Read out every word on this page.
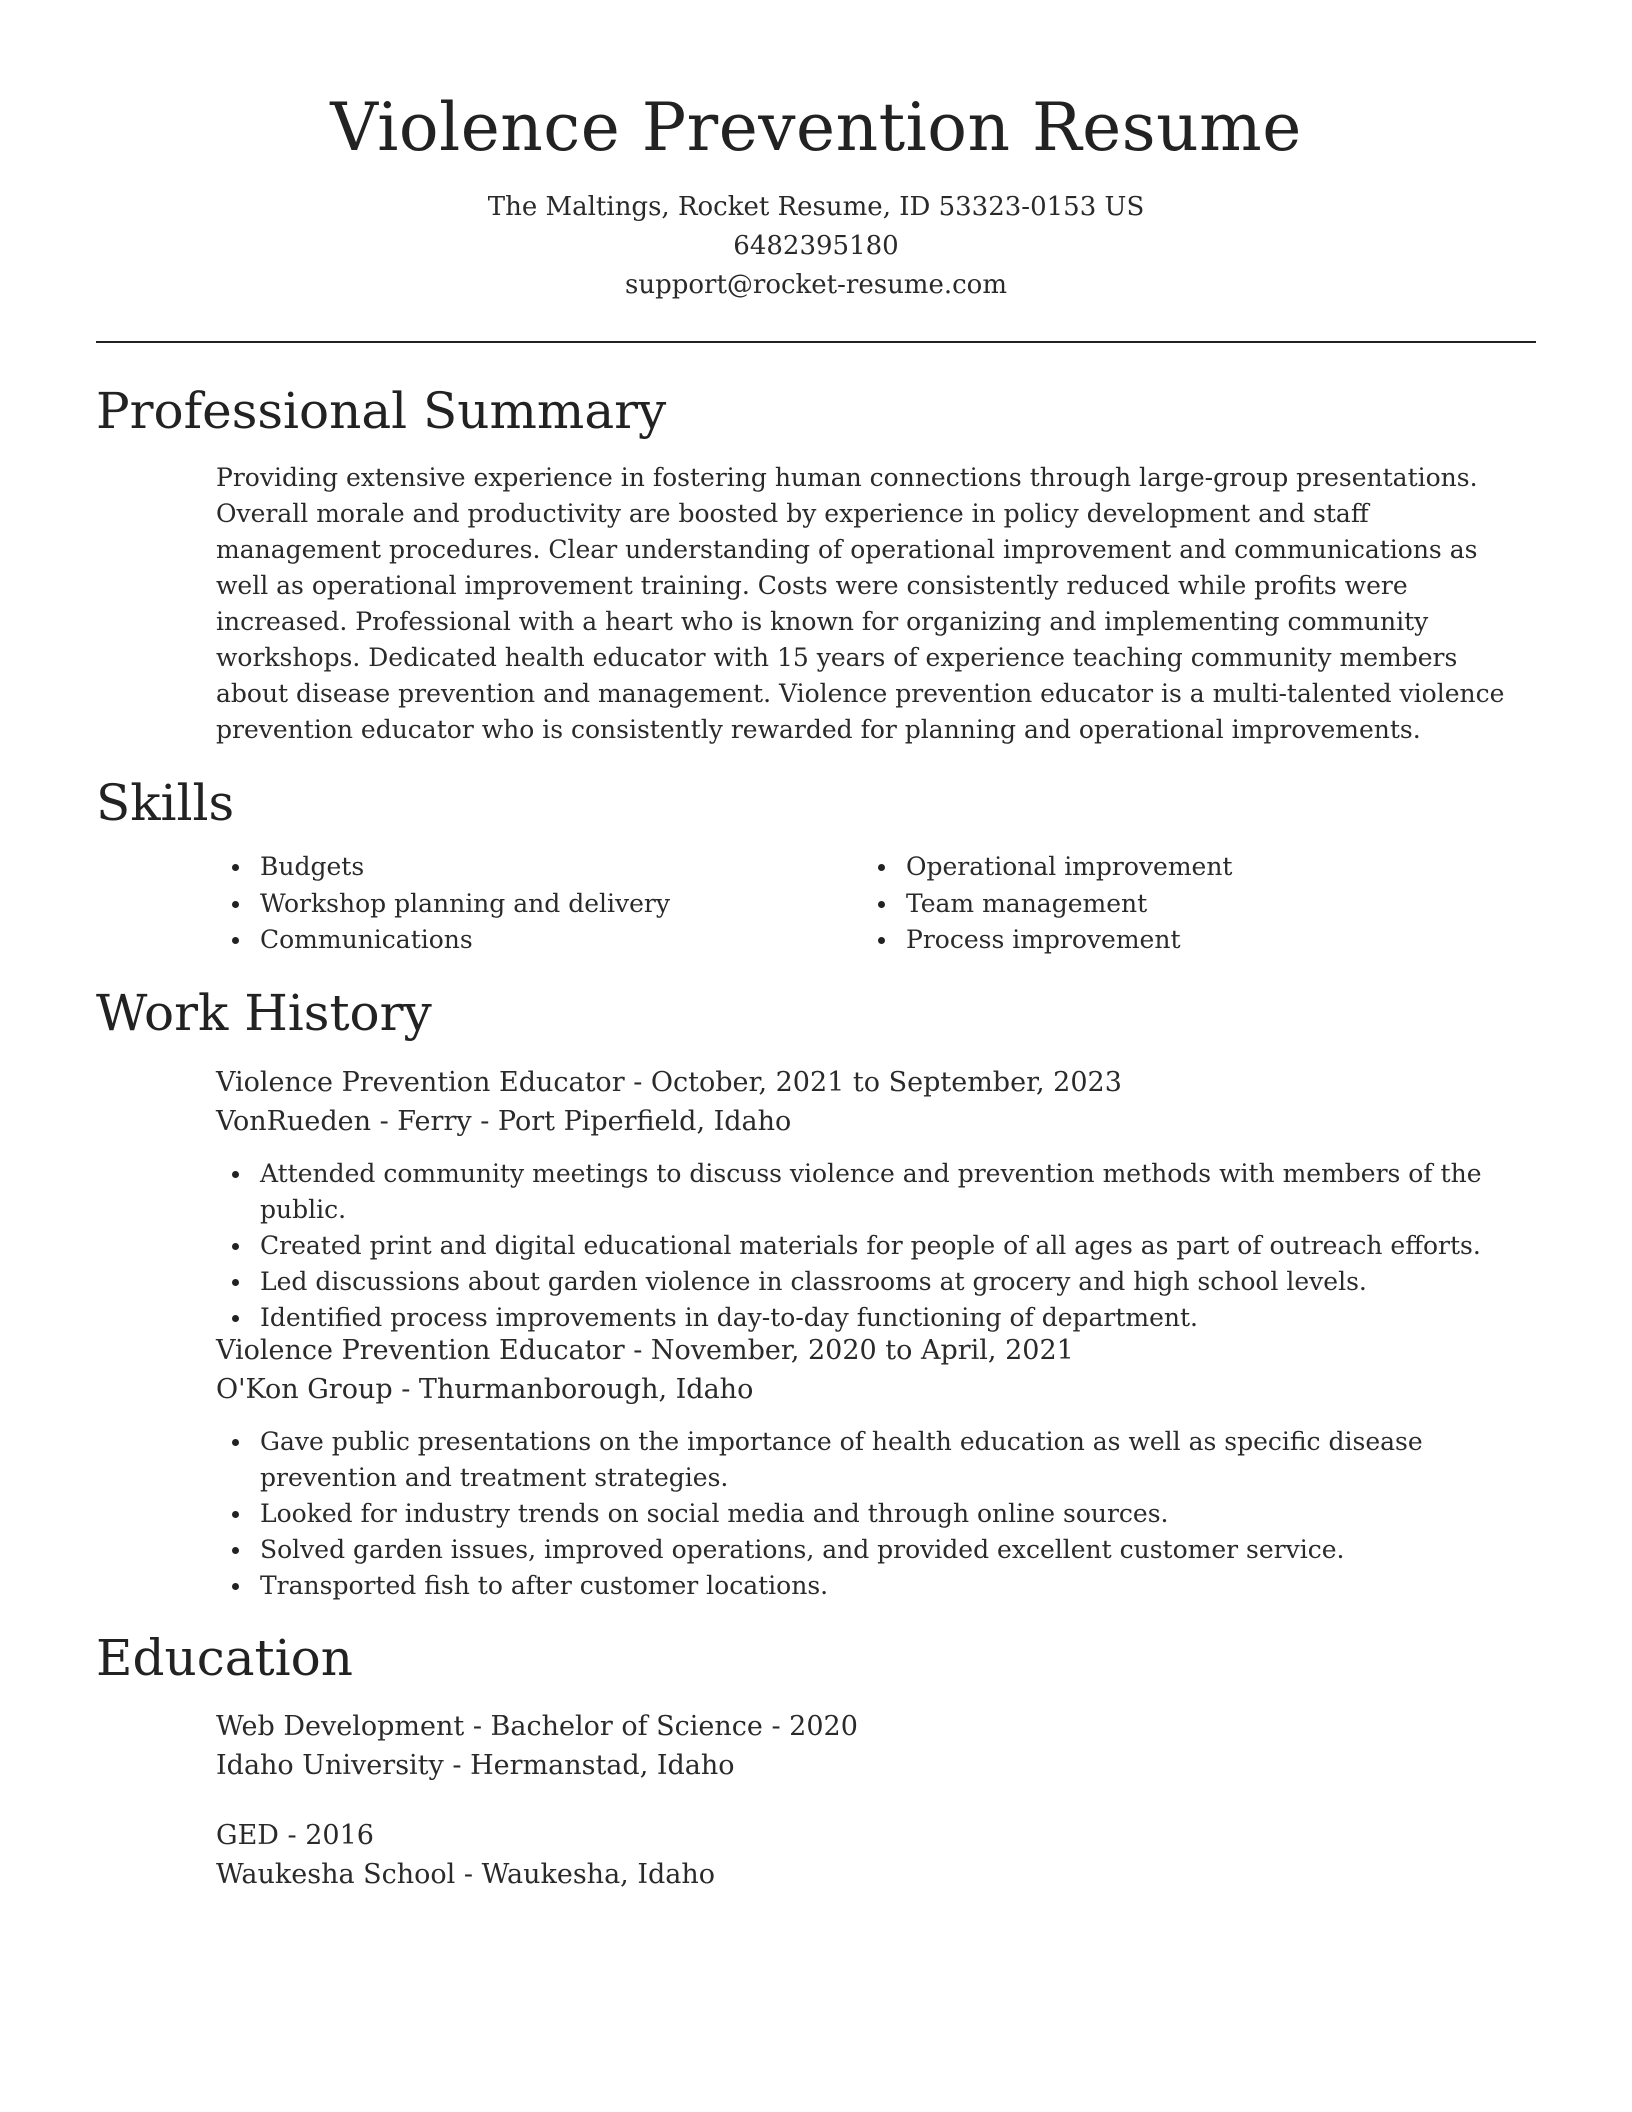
Violence Prevention Resume
The Maltings, Rocket Resume, ID 53323-0153 US
6482395180
support@rocket-resume.com
Professional Summary

Providing extensive experience in fostering human connections through large-group presentations. Overall morale and productivity are boosted by experience in policy development and staff management procedures. Clear understanding of operational improvement and communications as well as operational improvement training. Costs were consistently reduced while profits were increased. Professional with a heart who is known for organizing and implementing community workshops. Dedicated health educator with 15 years of experience teaching community members about disease prevention and management. Violence prevention educator is a multi-talented violence prevention educator who is consistently rewarded for planning and operational improvements.

Skills
Budgets
Workshop planning and delivery
Communications
Operational improvement
Team management
Process improvement
Work History
Violence Prevention Educator - October, 2021 to September, 2023
VonRueden - Ferry - Port Piperfield, Idaho
Attended community meetings to discuss violence and prevention methods with members of the public.
Created print and digital educational materials for people of all ages as part of outreach efforts.
Led discussions about garden violence in classrooms at grocery and high school levels.
Identified process improvements in day-to-day functioning of department.
Violence Prevention Educator - November, 2020 to April, 2021
O'Kon Group - Thurmanborough, Idaho
Gave public presentations on the importance of health education as well as specific disease prevention and treatment strategies.
Looked for industry trends on social media and through online sources.
Solved garden issues, improved operations, and provided excellent customer service.
Transported fish to after customer locations.
Education
Web Development - Bachelor of Science - 2020
Idaho University - Hermanstad, Idaho
GED - 2016
Waukesha School - Waukesha, Idaho
